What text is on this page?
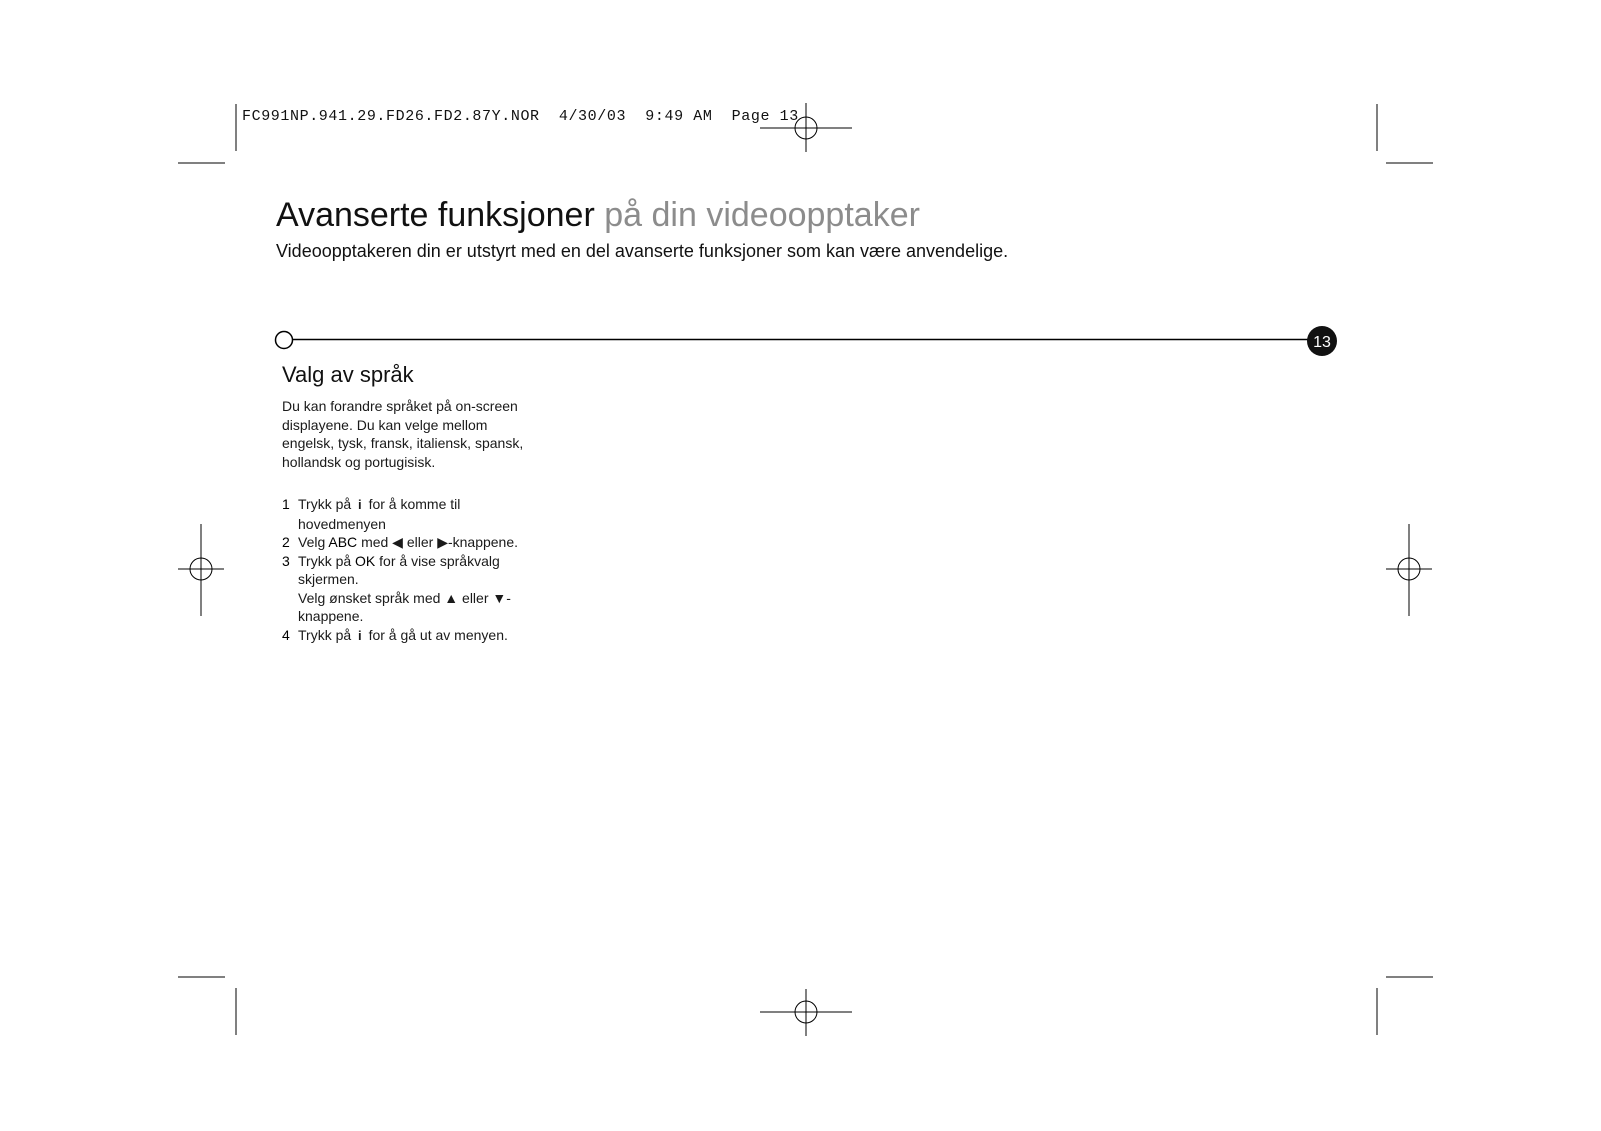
13
FC991NP.941.29.FD26.FD2.87Y.NOR  4/30/03  9:49 AM  Page 13
Avanserte funksjoner på din videoopptaker

Videoopptakeren din er utstyrt med en del avanserte funksjoner som kan være anvendelige.

Valg av språk

Du kan forandre språket på on-screen displayene. Du kan velge mellom engelsk, tysk, fransk, italiensk, spansk, hollandsk og portugisisk.

1 Trykk på i for å komme til hovedmenyen
2 Velg ABC med ◀ eller ▶-knappene.
3 Trykk på OK for å vise språkvalg skjermen.
Velg ønsket språk med ▲ eller ▼-knappene.
4 Trykk på i for å gå ut av menyen.
